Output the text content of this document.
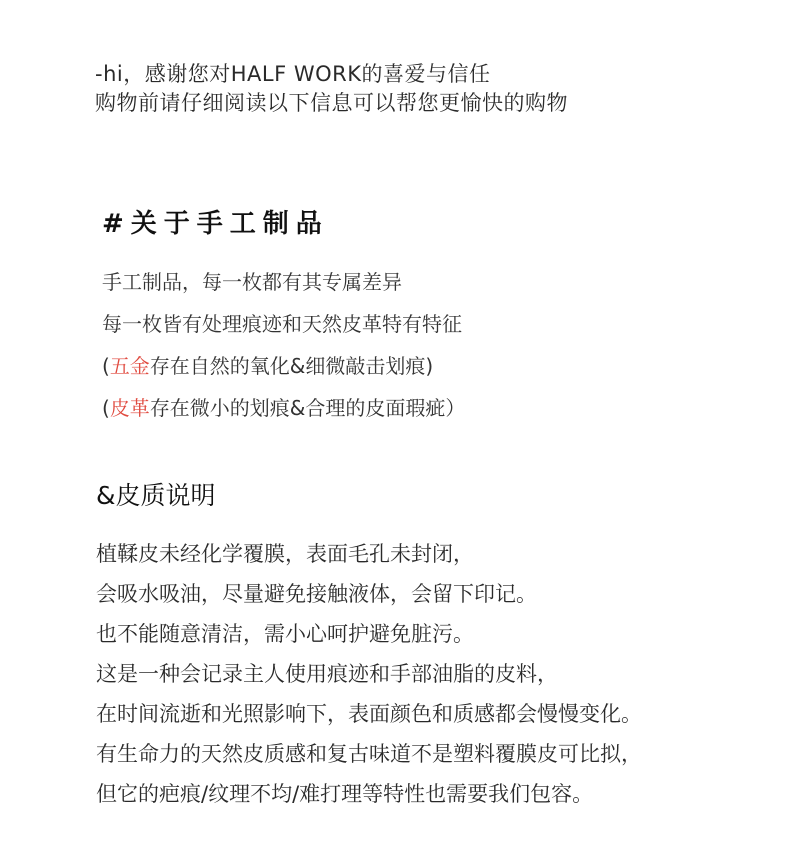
-hi，感谢您对HALF WORK的喜爱与信任
购物前请仔细阅读以下信息可以帮您更愉快的购物
#关于手工制品
手工制品，每一枚都有其专属差异
每一枚皆有处理痕迹和天然皮革特有特征
(五金存在自然的氧化&细微敲击划痕)
(皮革存在微小的划痕&合理的皮面瑕疵）
&皮质说明
植鞣皮未经化学覆膜，表面毛孔未封闭，
会吸水吸油，尽量避免接触液体，会留下印记。
也不能随意清洁，需小心呵护避免脏污。
这是一种会记录主人使用痕迹和手部油脂的皮料，
在时间流逝和光照影响下，表面颜色和质感都会慢慢变化。
有生命力的天然皮质感和复古味道不是塑料覆膜皮可比拟，
但它的疤痕/纹理不均/难打理等特性也需要我们包容。
